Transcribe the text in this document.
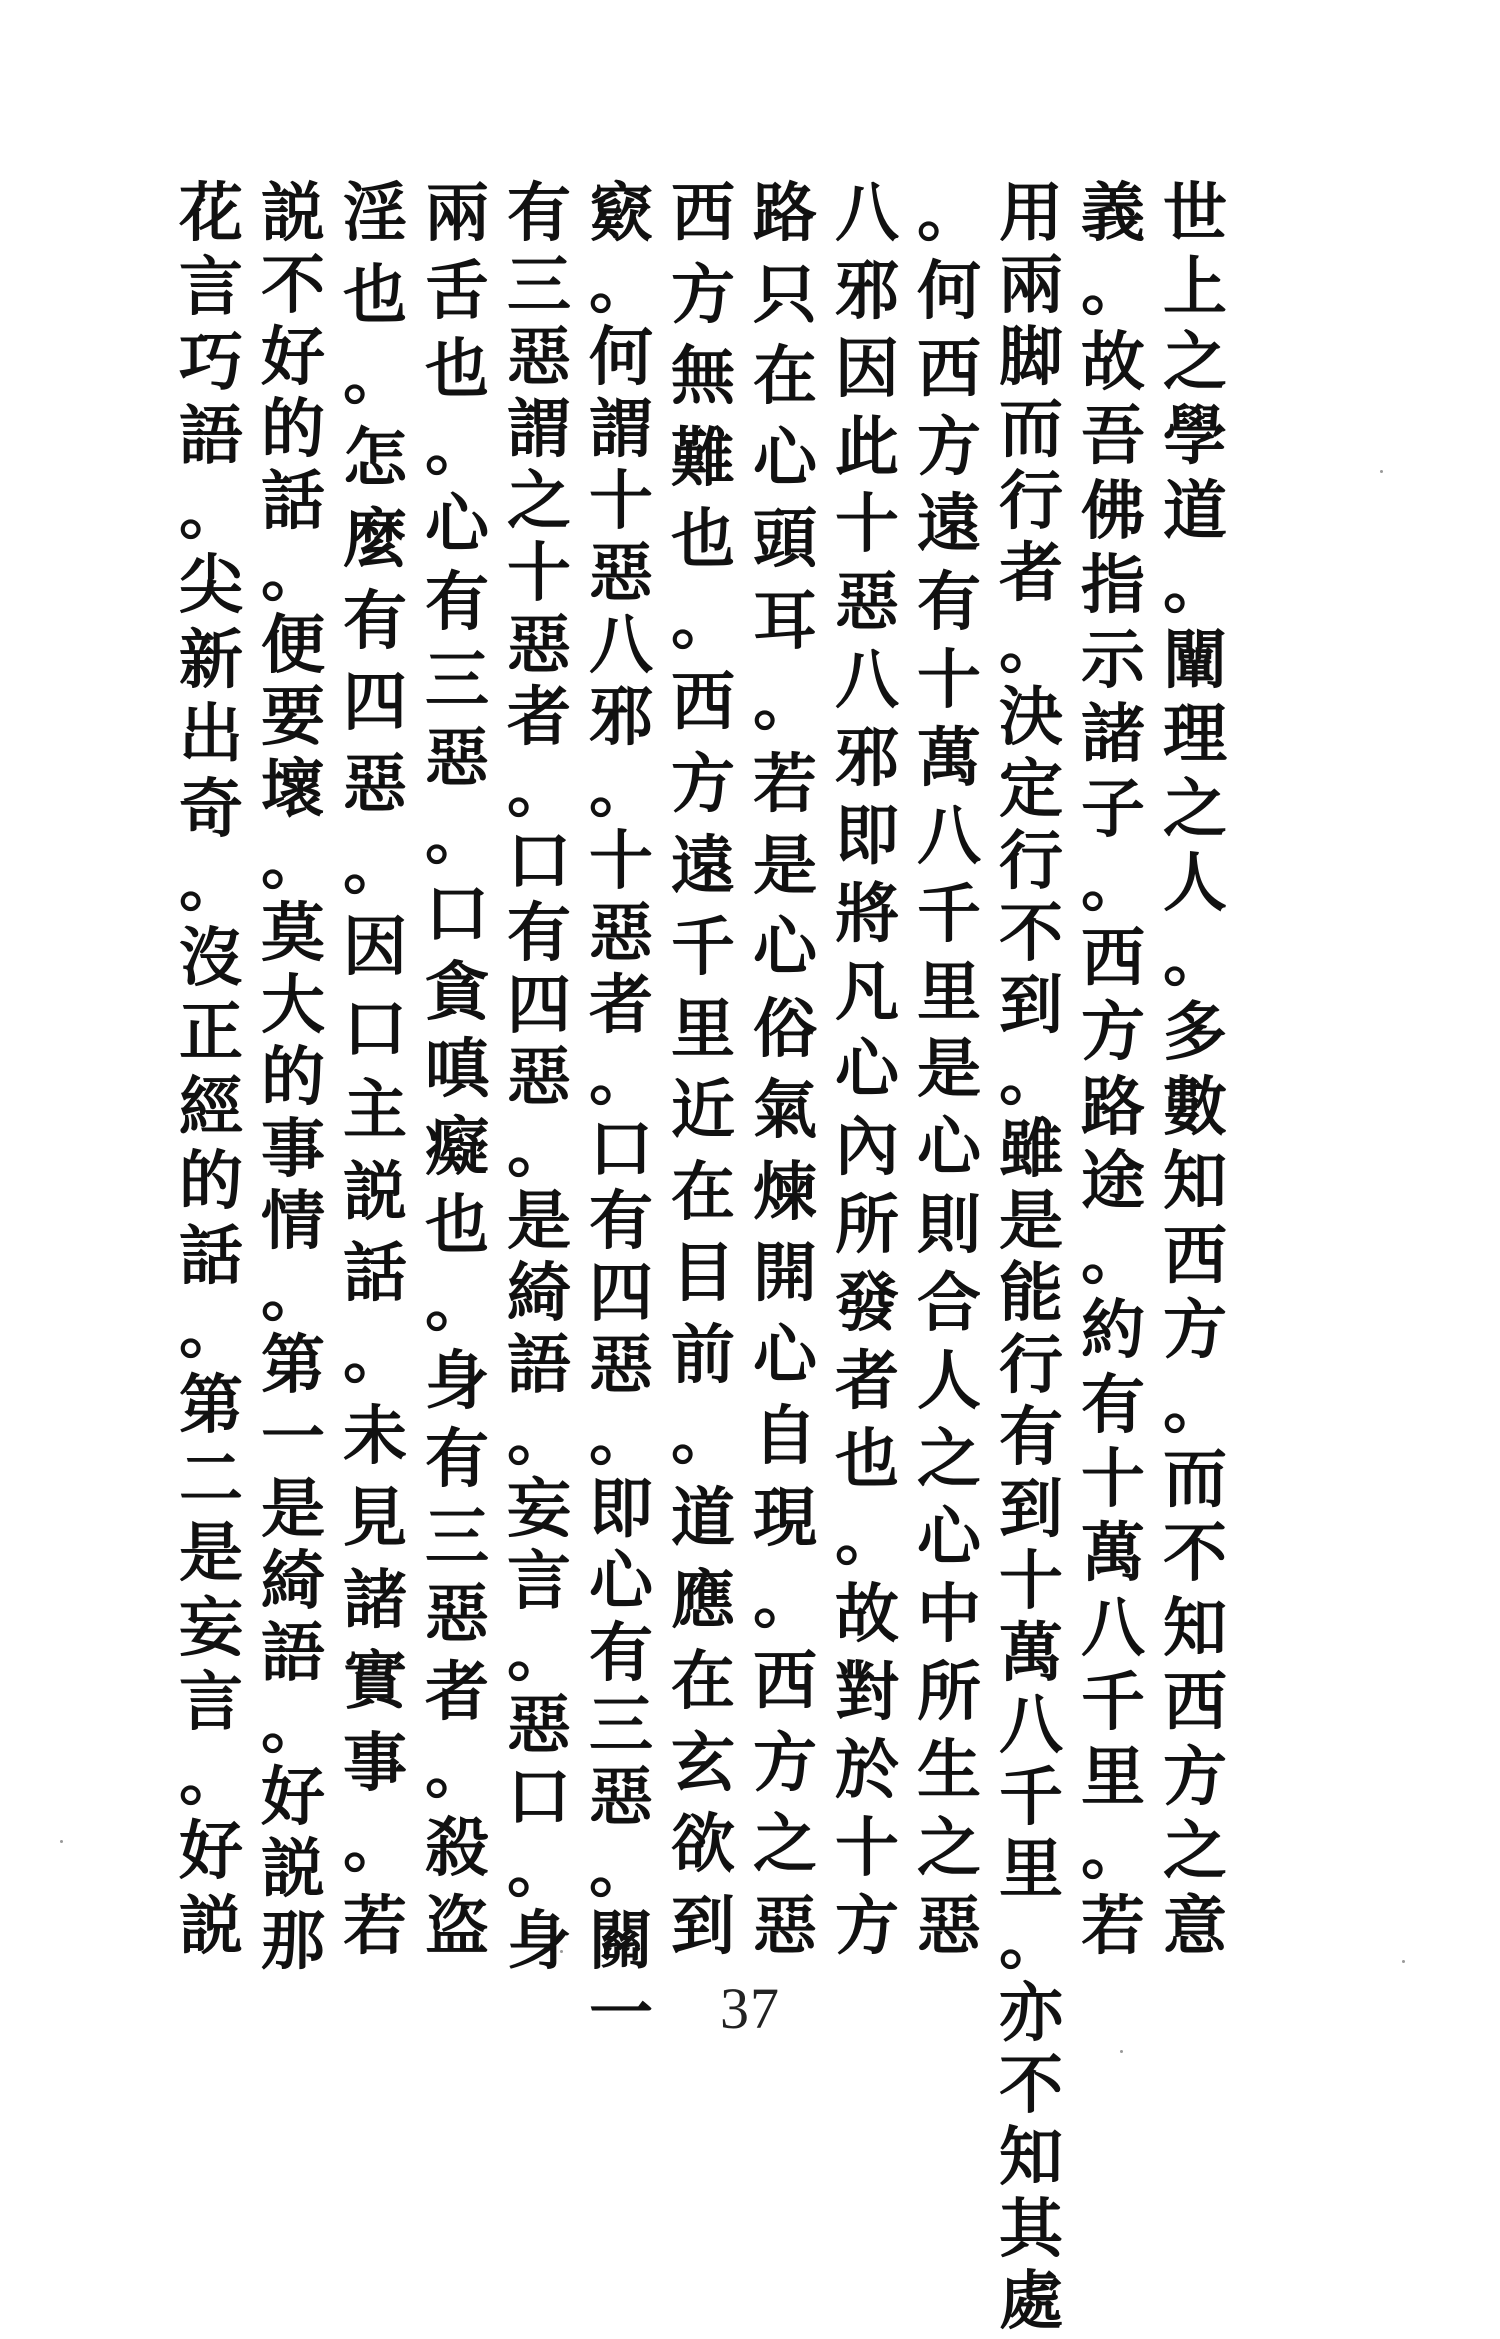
世
上
之
學
道
。
闡
理
之
人
。
多
數
知
西
方
。
而
不
知
西
方
之
意
義
。
故
吾
佛
指
示
諸
子
。
西
方
路
途
。
約
有
十
萬
八
千
里
。
若
用
兩
脚
而
行
者
。
決
定
行
不
到
。
雖
是
能
行
有
到
十
萬
八
千
里
。
亦
不
知
其
處
。
何
西
方
遠
有
十
萬
八
千
里
是
心
則
合
人
之
心
中
所
生
之
惡
八
邪
因
此
十
惡
八
邪
即
將
凡
心
內
所
發
者
也
。
故
對
於
十
方
路
只
在
心
頭
耳
。
若
是
心
俗
氣
煉
開
心
自
現
。
西
方
之
惡
西
方
無
難
也
。
西
方
遠
千
里
近
在
目
前
。
道
應
在
玄
欲
到
窽
。
何
謂
十
惡
八
邪
。
十
惡
者
。
口
有
四
惡
。
即
心
有
三
惡
。
關
一
有
三
惡
謂
之
十
惡
者
。
口
有
四
惡
。
是
綺
語
。
妄
言
。
惡
口
。
身
兩
舌
也
。
心
有
三
惡
。
口
貪
嗔
癡
也
。
身
有
三
惡
者
。
殺
盗
淫
也
。
怎
麼
有
四
惡
。
因
口
主
説
話
。
未
見
諸
實
事
。
若
説
不
好
的
話
。
便
要
壞
。
莫
大
的
事
情
。
第
一
是
綺
語
。
好
説
那
花
言
巧
語
。
尖
新
出
奇
。
沒
正
經
的
話
。
第
二
是
妄
言
。
好
説
37
